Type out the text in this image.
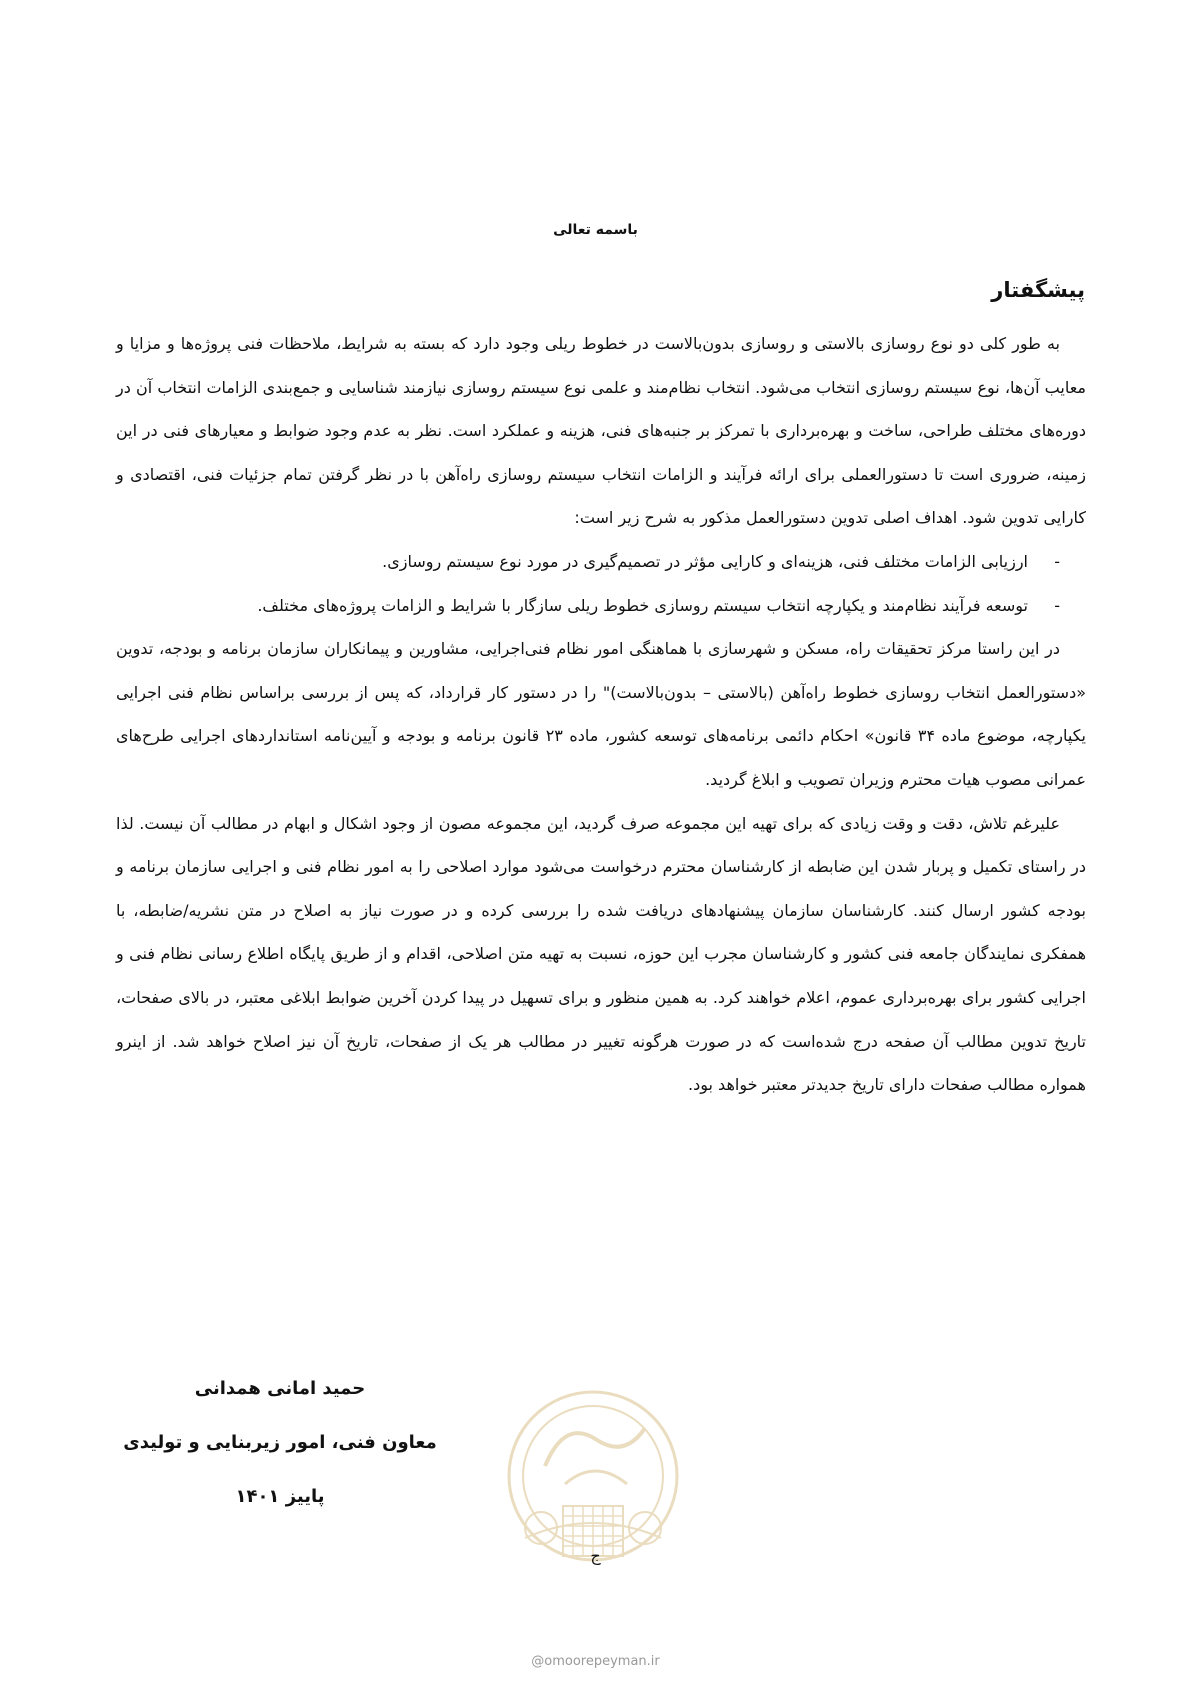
باسمه تعالی
پیشگفتار

به طور کلی دو نوع روسازی بالاستی و روسازی بدون‌بالاست در خطوط ریلی وجود دارد که بسته به شرایط، ملاحظات فنی پروژه‌ها و مزایا و معایب آن‌ها، نوع سیستم روسازی انتخاب می‌شود. انتخاب نظام‌مند و علمی نوع سیستم روسازی نیازمند شناسایی و جمع‌بندی الزامات انتخاب آن در دوره‌های مختلف طراحی، ساخت و بهره‌برداری با تمرکز بر جنبه‌های فنی، هزینه و عملکرد است. نظر به عدم وجود ضوابط و معیارهای فنی در این زمینه، ضروری است تا دستورالعملی برای ارائه فرآیند و الزامات انتخاب سیستم روسازی راه‌آهن با در نظر گرفتن تمام جزئیات فنی، اقتصادی و کارایی تدوین شود. اهداف اصلی تدوین دستورالعمل مذکور به شرح زیر است:

-
ارزیابی الزامات مختلف فنی، هزینه‌ای و کارایی مؤثر در تصمیم‌گیری در مورد نوع سیستم روسازی.
-
توسعه فرآیند نظام‌مند و یکپارچه انتخاب سیستم روسازی خطوط ریلی سازگار با شرایط و الزامات پروژه‌های مختلف.

در این راستا مرکز تحقیقات راه، مسکن و شهرسازی با هماهنگی امور نظام فنی‌اجرایی، مشاورین و پیمانکاران سازمان برنامه و بودجه، تدوین «دستورالعمل انتخاب روسازی خطوط راه‌آهن (بالاستی – بدون‌بالاست)" را در دستور کار قرارداد، که پس از بررسی براساس نظام فنی اجرایی یکپارچه، موضوع ماده ۳۴ قانون» احکام دائمی برنامه‌های توسعه کشور، ماده ۲۳ قانون برنامه و بودجه و آیین‌نامه استانداردهای اجرایی طرح‌های عمرانی مصوب هیات محترم وزیران تصویب و ابلاغ گردید.

علیرغم تلاش، دقت و وقت زیادی که برای تهیه این مجموعه صرف گردید، این مجموعه مصون از وجود اشکال و ابهام در مطالب آن نیست. لذا در راستای تکمیل و پربار شدن این ضابطه از کارشناسان محترم درخواست می‌شود موارد اصلاحی را به امور نظام فنی و اجرایی سازمان برنامه و بودجه کشور ارسال کنند. کارشناسان سازمان پیشنهادهای دریافت شده را بررسی کرده و در صورت نیاز به اصلاح در متن نشریه/ضابطه، با همفکری نمایندگان جامعه فنی کشور و کارشناسان مجرب این حوزه، نسبت به تهیه متن اصلاحی، اقدام و از طریق پایگاه اطلاع رسانی نظام فنی و اجرایی کشور برای بهره‌برداری عموم، اعلام خواهند کرد. به همین منظور و برای تسهیل در پیدا کردن آخرین ضوابط ابلاغی معتبر، در بالای صفحات، تاریخ تدوین مطالب آن صفحه درج شده‌است که در صورت هرگونه تغییر در مطالب هر یک از صفحات، تاریخ آن نیز اصلاح خواهد شد. از اینرو همواره مطالب صفحات دارای تاریخ جدیدتر معتبر خواهد بود.

حمید امانی همدانی
معاون فنی، امور زیربنایی و تولیدی
پاییز ۱۴۰۱
ج
@omoorepeyman.ir
